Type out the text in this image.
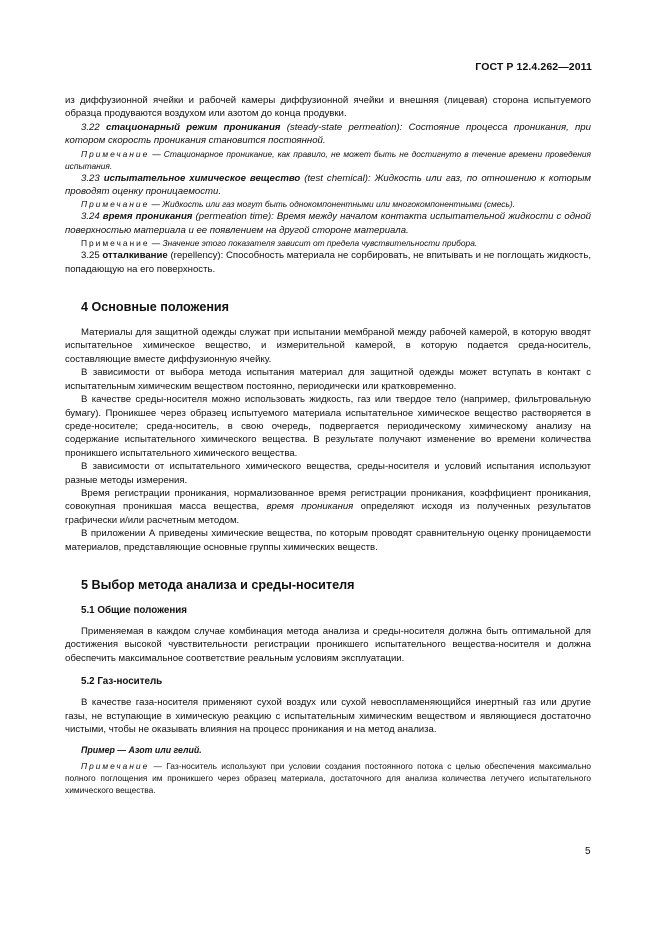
ГОСТ Р 12.4.262—2011

из диффузионной ячейки и рабочей камеры диффузионной ячейки и внешняя (лицевая) сторона испытуемого образца продуваются воздухом или азотом до конца продувки.

3.22 стационарный режим проникания (steady-state permeation): Состояние процесса проникания, при котором скорость проникания становится постоянной.

Примечание — Стационарное проникание, как правило, не может быть не достигнуто в течение времени проведения испытания.

3.23 испытательное химическое вещество (test chemical): Жидкость или газ, по отношению к которым проводят оценку проницаемости.

Примечание — Жидкость или газ могут быть однокомпонентными или многокомпонентными (смесь).

3.24 время проникания (permeation time): Время между началом контакта испытательной жидкости с одной поверхностью материала и ее появлением на другой стороне материала.

Примечание — Значение этого показателя зависит от предела чувствительности прибора.

3.25 отталкивание (repellency): Способность материала не сорбировать, не впитывать и не поглощать жидкость, попадающую на его поверхность.

4 Основные положения

Материалы для защитной одежды служат при испытании мембраной между рабочей камерой, в которую вводят испытательное химическое вещество, и измерительной камерой, в которую подается среда-носитель, составляющие вместе диффузионную ячейку.

В зависимости от выбора метода испытания материал для защитной одежды может вступать в контакт с испытательным химическим веществом постоянно, периодически или кратковременно.

В качестве среды-носителя можно использовать жидкость, газ или твердое тело (например, фильтровальную бумагу). Проникшее через образец испытуемого материала испытательное химическое вещество растворяется в среде-носителе; среда-носитель, в свою очередь, подвергается периодическому химическому анализу на содержание испытательного химического вещества. В результате получают изменение во времени количества проникшего испытательного химического вещества.

В зависимости от испытательного химического вещества, среды-носителя и условий испытания используют разные методы измерения.

Время регистрации проникания, нормализованное время регистрации проникания, коэффициент проникания, совокупная проникшая масса вещества, время проникания определяют исходя из полученных результатов графически и/или расчетным методом.

В приложении А приведены химические вещества, по которым проводят сравнительную оценку проницаемости материалов, представляющие основные группы химических веществ.

5 Выбор метода анализа и среды-носителя
5.1 Общие положения

Применяемая в каждом случае комбинация метода анализа и среды-носителя должна быть оптимальной для достижения высокой чувствительности регистрации проникшего испытательного вещества-носителя и должна обеспечить максимальное соответствие реальным условиям эксплуатации.

5.2 Газ-носитель

В качестве газа-носителя применяют сухой воздух или сухой невоспламеняющийся инертный газ или другие газы, не вступающие в химическую реакцию с испытательным химическим веществом и являющиеся достаточно чистыми, чтобы не оказывать влияния на процесс проникания и на метод анализа.

Пример — Азот или гелий.

Примечание — Газ-носитель используют при условии создания постоянного потока с целью обеспечения максимально полного поглощения им проникшего через образец материала, достаточного для анализа количества летучего испытательного химического вещества.

5
